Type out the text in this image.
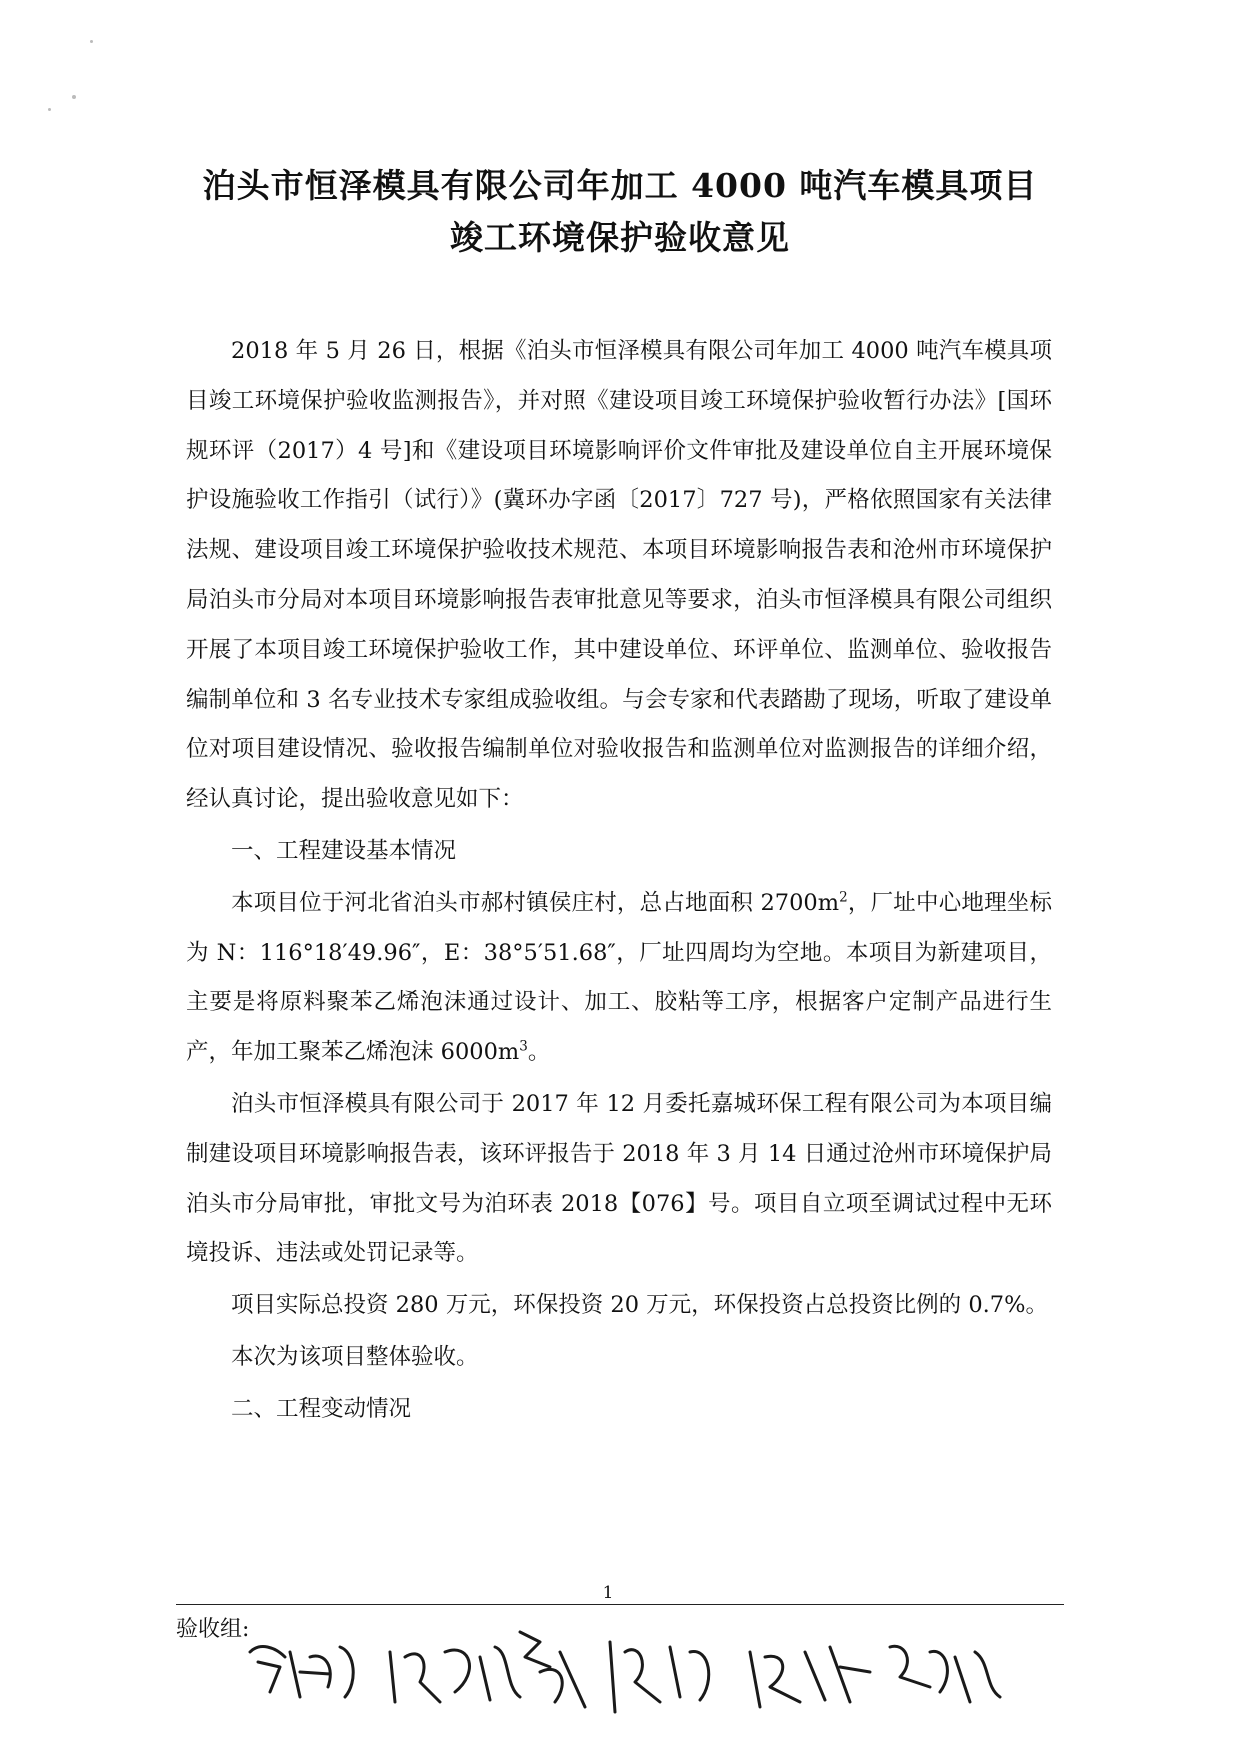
泊头市恒泽模具有限公司年加工 4000 吨汽车模具项目
竣工环境保护验收意见

2018 年 5 月 26 日，根据《泊头市恒泽模具有限公司年加工 4000 吨汽车模具项目竣工环境保护验收监测报告》，并对照《建设项目竣工环境保护验收暂行办法》[国环规环评（2017）4 号]和《建设项目环境影响评价文件审批及建设单位自主开展环境保护设施验收工作指引（试行）》(冀环办字函〔2017〕727 号)，严格依照国家有关法律法规、建设项目竣工环境保护验收技术规范、本项目环境影响报告表和沧州市环境保护局泊头市分局对本项目环境影响报告表审批意见等要求，泊头市恒泽模具有限公司组织开展了本项目竣工环境保护验收工作，其中建设单位、环评单位、监测单位、验收报告编制单位和 3 名专业技术专家组成验收组。与会专家和代表踏勘了现场，听取了建设单位对项目建设情况、验收报告编制单位对验收报告和监测单位对监测报告的详细介绍，经认真讨论，提出验收意见如下：

一、工程建设基本情况

本项目位于河北省泊头市郝村镇侯庄村，总占地面积 $2700m^2$，厂址中心地理坐标为 N：116°18′49.96″，E：38°5′51.68″，厂址四周均为空地。本项目为新建项目，主要是将原料聚苯乙烯泡沫通过设计、加工、胶粘等工序，根据客户定制产品进行生产，年加工聚苯乙烯泡沫 $6000m^3$。

泊头市恒泽模具有限公司于 2017 年 12 月委托嘉城环保工程有限公司为本项目编制建设项目环境影响报告表，该环评报告于 2018 年 3 月 14 日通过沧州市环境保护局泊头市分局审批，审批文号为泊环表 2018【076】号。项目自立项至调试过程中无环境投诉、违法或处罚记录等。

项目实际总投资 280 万元，环保投资 20 万元，环保投资占总投资比例的 0.7%。

本次为该项目整体验收。

二、工程变动情况

1
验收组:
